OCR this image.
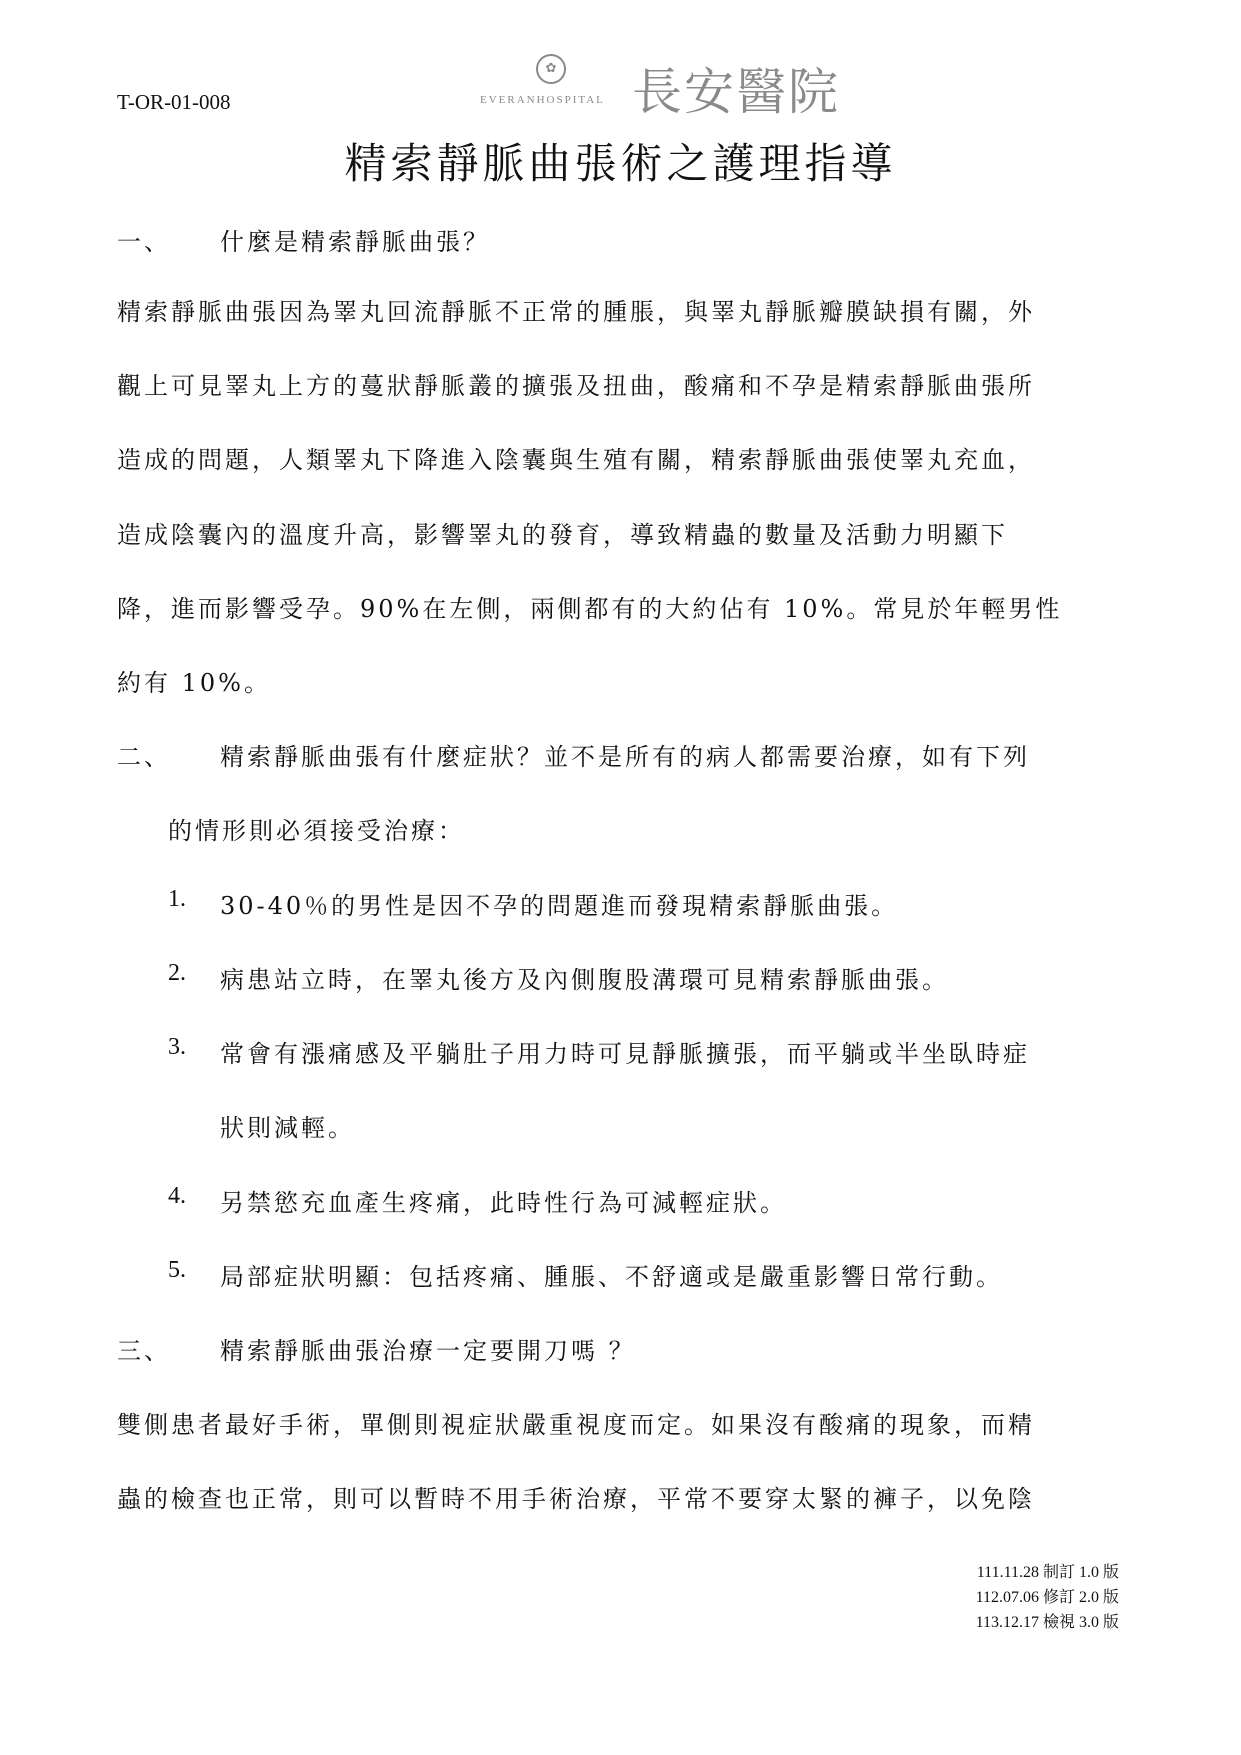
T-OR-01-008
✿
EVERANHOSPITAL 長安醫院
精索靜脈曲張術之護理指導
一、 什麼是精索靜脈曲張？
精索靜脈曲張因為睪丸回流靜脈不正常的腫脹，與睪丸靜脈瓣膜缺損有關，外
觀上可見睪丸上方的蔓狀靜脈叢的擴張及扭曲，酸痛和不孕是精索靜脈曲張所
造成的問題，人類睪丸下降進入陰囊與生殖有關，精索靜脈曲張使睪丸充血，
造成陰囊內的溫度升高，影響睪丸的發育，導致精蟲的數量及活動力明顯下
降，進而影響受孕。90%在左側，兩側都有的大約佔有 10%。常見於年輕男性
約有 10%。
二、 精索靜脈曲張有什麼症狀？並不是所有的病人都需要治療，如有下列
的情形則必須接受治療：
1. 30-40％的男性是因不孕的問題進而發現精索靜脈曲張。
2. 病患站立時，在睪丸後方及內側腹股溝環可見精索靜脈曲張。
3. 常會有漲痛感及平躺肚子用力時可見靜脈擴張，而平躺或半坐臥時症
狀則減輕。
4. 另禁慾充血產生疼痛，此時性行為可減輕症狀。
5. 局部症狀明顯：包括疼痛、腫脹、不舒適或是嚴重影響日常行動。
三、 精索靜脈曲張治療一定要開刀嗎 ？
雙側患者最好手術，單側則視症狀嚴重視度而定。如果沒有酸痛的現象，而精
蟲的檢查也正常，則可以暫時不用手術治療，平常不要穿太緊的褲子，以免陰
111.11.28 制訂 1.0 版
112.07.06 修訂 2.0 版
113.12.17 檢視 3.0 版
